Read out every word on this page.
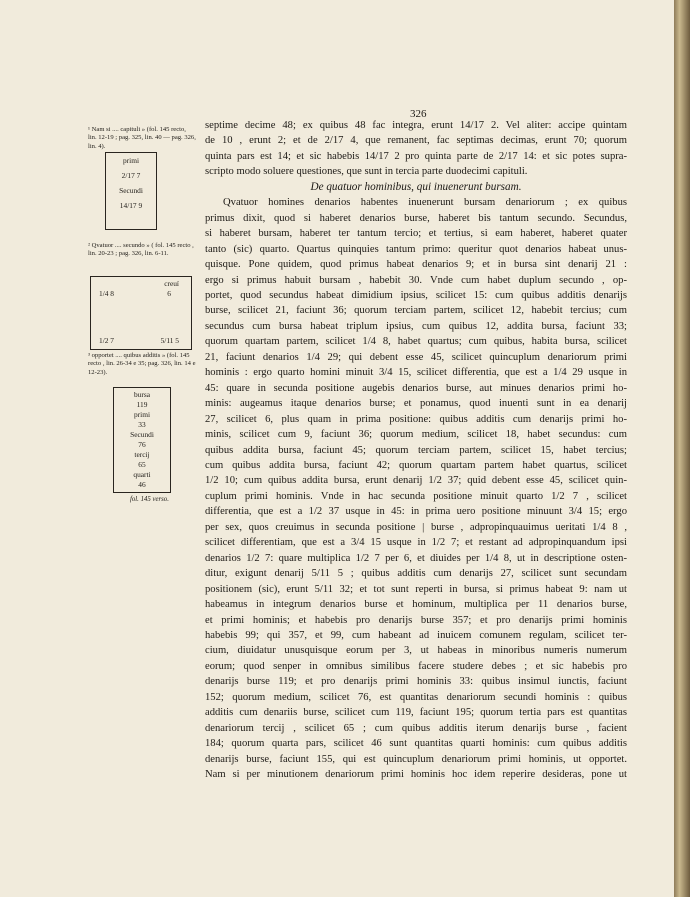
326
septime decime 48; ex quibus 48 fac integra, erunt 14/17 2. Vel aliter: accipe quintam
de 10 , erunt 2; et de 2/17 4, que remanent, fac septimas decimas, erunt 70; quorum
quinta pars est 14; et sic habebis 14/17 2 pro quinta parte de 2/17 14: et sic potes supra-
scripto modo soluere questiones, que sunt in tercia parte duodecimi capituli.
De quatuor hominibus, qui inuenerunt bursam.
Qvatuor homines denarios habentes inuenerunt bursam denariorum ; ex quibus
primus dixit, quod si haberet denarios burse, haberet bis tantum secundo. Secundus,
si haberet bursam, haberet ter tantum tercio; et tertius, si eam haberet, haberet quater
tanto (sic) quarto. Quartus quinquies tantum primo: queritur quot denarios habeat unus-
quisque. Pone quidem, quod primus habeat denarios 9; et in bursa sint denarij 21 :
ergo si primus habuit bursam , habebit 30. Vnde cum habet duplum secundo , op-
portet, quod secundus habeat dimidium ipsius, scilicet 15: cum quibus additis denarijs
burse, scilicet 21, faciunt 36; quorum terciam partem, scilicet 12, habebit tercius; cum
secundus cum bursa habeat triplum ipsius, cum quibus 12, addita bursa, faciunt 33;
quorum quartam partem, scilicet 1/4 8, habet quartus; cum quibus, habita bursa, scilicet
21, faciunt denarios 1/4 29; qui debent esse 45, scilicet quincuplum denariorum primi
hominis : ergo quarto homini minuit 3/4 15, scilicet differentia, que est a 1/4 29 usque in
45: quare in secunda positione augebis denarios burse, aut minues denarios primi ho-
minis: augeamus itaque denarios burse; et ponamus, quod inuenti sunt in ea denarij
27, scilicet 6, plus quam in prima positione: quibus additis cum denarijs primi ho-
minis, scilicet cum 9, faciunt 36; quorum medium, scilicet 18, habet secundus: cum
quibus addita bursa, faciunt 45; quorum terciam partem, scilicet 15, habet tercius;
cum quibus addita bursa, faciunt 42; quorum quartam partem habet quartus, scilicet
1/2 10; cum quibus addita bursa, erunt denarij 1/2 37; quid debent esse 45, scilicet quin-
cuplum primi hominis. Vnde in hac secunda positione minuit quarto 1/2 7 , scilicet
differentia, que est a 1/2 37 usque in 45: in prima uero positione minuunt 3/4 15; ergo
per sex, quos creuimus in secunda positione | burse , adpropinquauimus ueritati 1/4 8 ,
scilicet differentiam, que est a 3/4 15 usque in 1/2 7; et restant ad adpropinquandum ipsi
denarios 1/2 7: quare multiplica 1/2 7 per 6, et diuides per 1/4 8, ut in descriptione osten-
ditur, exigunt denarij 5/11 5 ; quibus additis cum denarijs 27, scilicet sunt secundam
positionem (sic), erunt 5/11 32; et tot sunt reperti in bursa, si primus habeat 9: nam ut
habeamus in integrum denarios burse et hominum, multiplica per 11 denarios burse,
et primi hominis; et habebis pro denarijs burse 357; et pro denarijs primi hominis
habebis 99; qui 357, et 99, cum habeant ad inuicem comunem regulam, scilicet ter-
cium, diuidatur unusquisque eorum per 3, ut habeas in minoribus numeris numerum
eorum; quod senper in omnibus similibus facere studere debes ; et sic habebis pro
denarijs burse 119; et pro denarijs primi hominis 33: quibus insimul iunctis, faciunt
152; quorum medium, scilicet 76, est quantitas denariorum secundi hominis : quibus
additis cum denariis burse, scilicet cum 119, faciunt 195; quorum tertia pars est quantitas
denariorum tercij , scilicet 65 ; cum quibus additis iterum denarijs burse , facient
184; quorum quarta pars, scilicet 46 sunt quantitas quarti hominis: cum quibus additis
denarijs burse, faciunt 155, qui est quincuplum denariorum primi hominis, ut opportet.
Nam si per minutionem denariorum primi hominis hoc idem reperire desideras, pone ut
¹ Nam si .... capituli » (fol. 145 recto, lin. 12-19 ; pag. 325, lin. 40 — pag. 326, lin. 4).
primi
2/17 7
Secundi
14/17 9
² Qvatuor .... secundo » ( fol. 145 recto , lin. 20-23 ; pag. 326, lin. 6-11.
creuí
1/4 8	6
1/2 7	5/11 5
³ opportet .... quibus additis » (fol. 145 recto , lin. 26-34 e 35; pag. 326, lin. 14 e 12-23).
bursa
119
primi
33
Secundi
76
tercij
65
quarti
46
fol. 145 verso.
